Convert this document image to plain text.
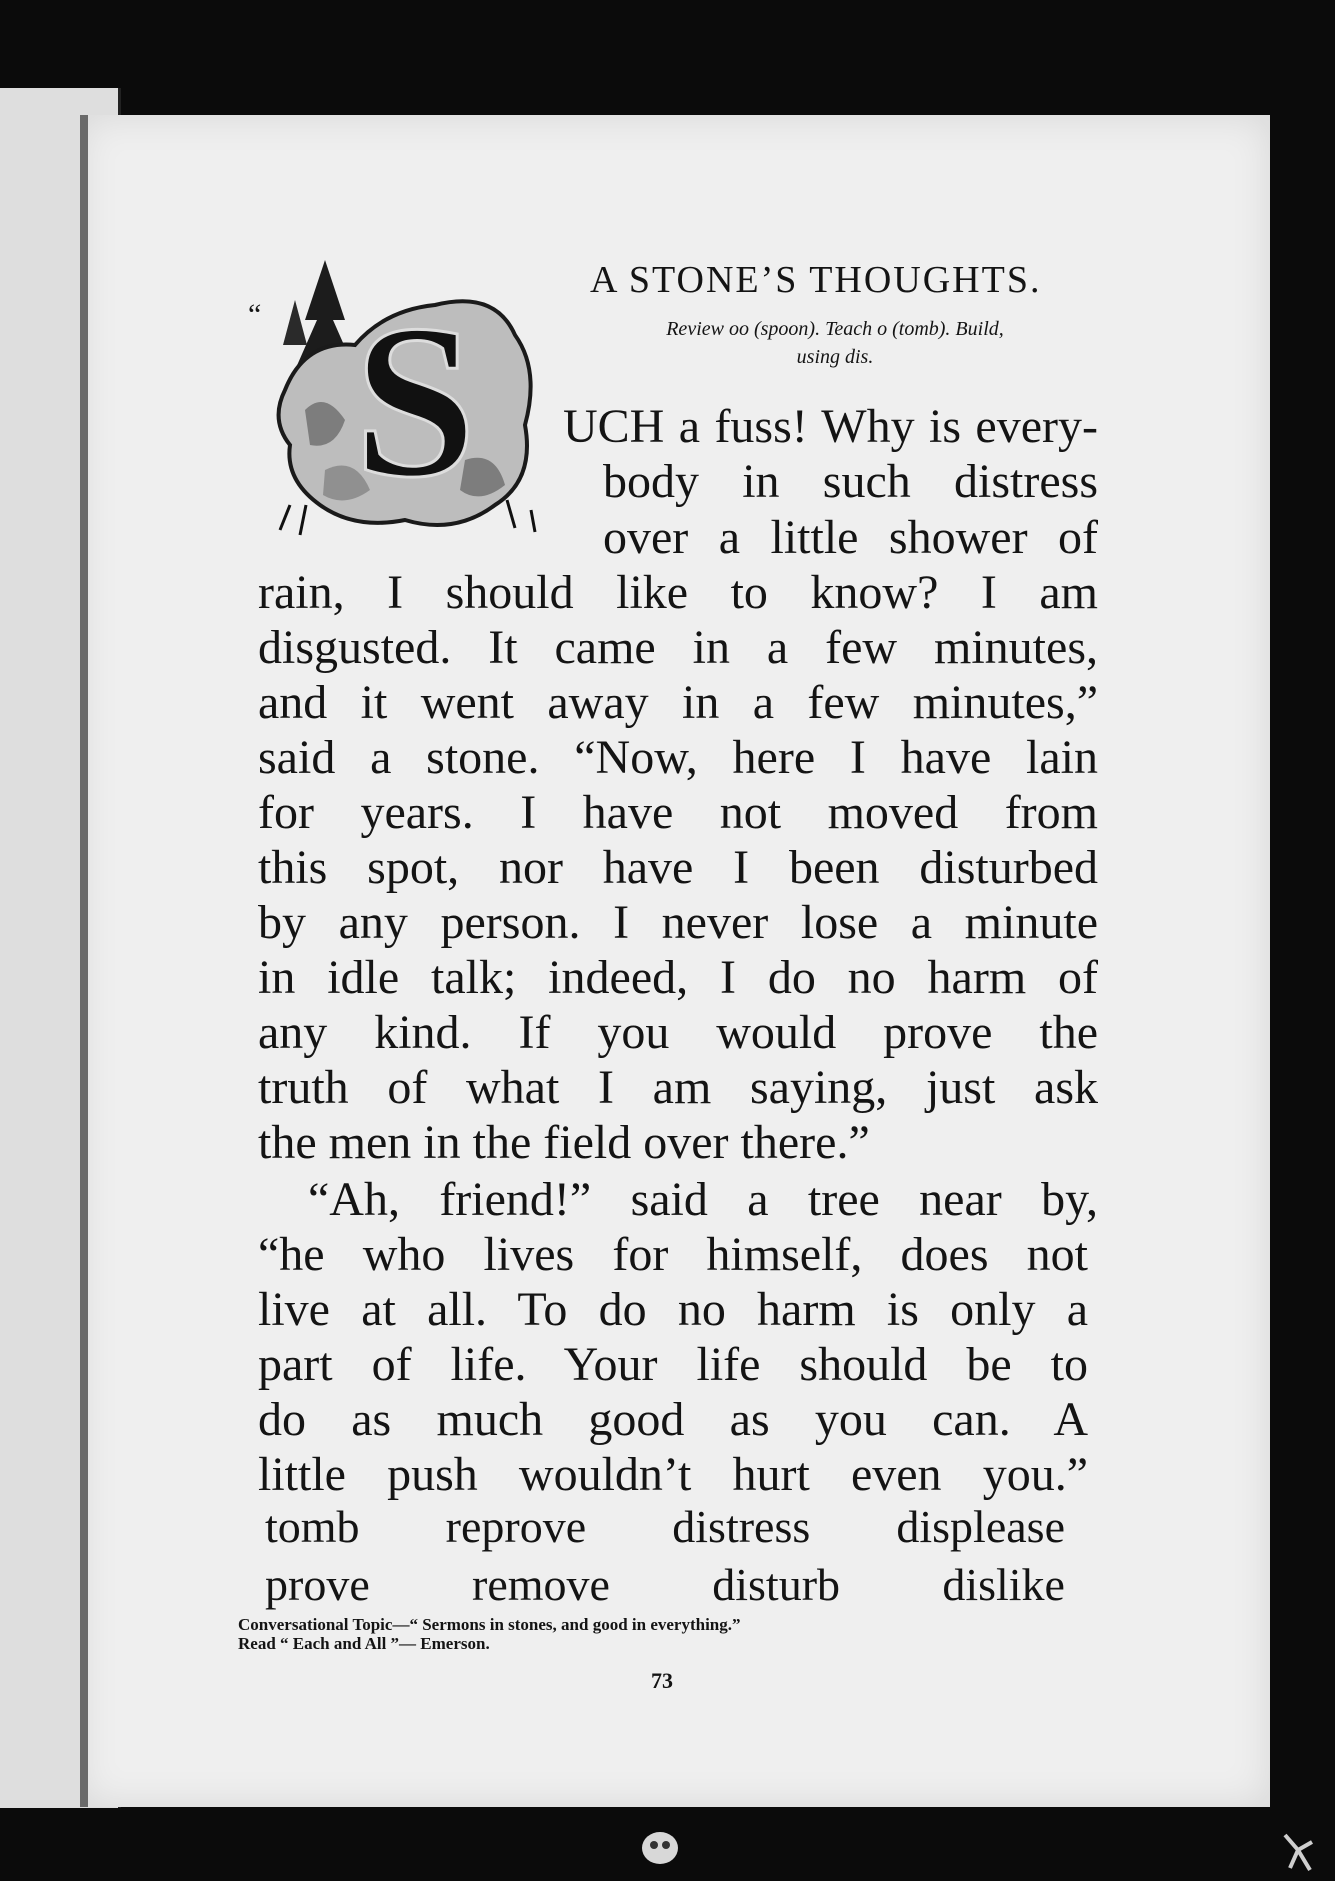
“ S	A STONE’S THOUGHTS.
Review oo (spoon). Teach o (tomb). Build,
using dis.
UCH a fuss! Why is every-
body in such distress
over a little shower of
rain, I should like to know? I am
disgusted. It came in a few minutes,
and it went away in a few minutes,”
said a stone. “Now, here I have lain
for years. I have not moved from
this spot, nor have I been disturbed
by any person. I never lose a minute
in idle talk; indeed, I do no harm of
any kind. If you would prove the
truth of what I am saying, just ask
the men in the field over there.”
“Ah, friend!” said a tree near by,
“he who lives for himself, does not
live at all. To do no harm is only a
part of life. Your life should be to
do as much good as you can. A
little push wouldn’t hurt even you.”
tomb reprove distress displease
prove remove disturb dislike
Conversational Topic—“ Sermons in stones, and good in everything.”
Read “ Each and All ”— Emerson.
73
